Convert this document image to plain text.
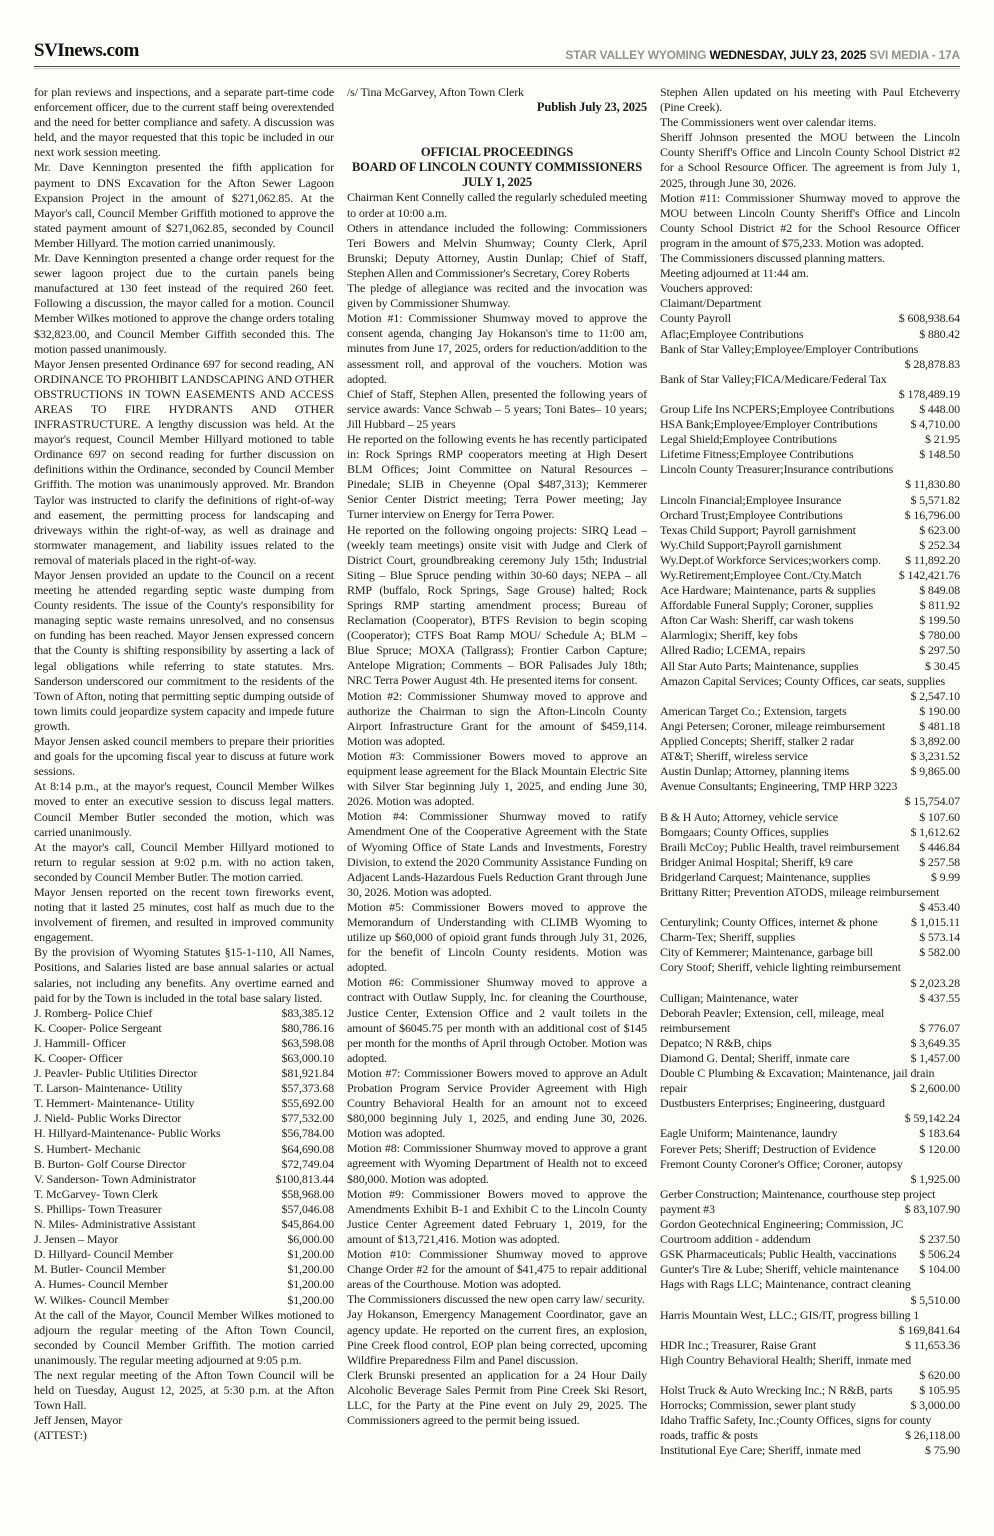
SVInews.com	STAR VALLEY WYOMING WEDNESDAY, JULY 23, 2025 SVI MEDIA - 17A
for plan reviews and inspections, and a separate part-time code enforcement officer, due to the current staff being overextended and the need for better compliance and safety. A discussion was held, and the mayor requested that this topic be included in our next work session meeting.
Mr. Dave Kennington presented the fifth application for payment to DNS Excavation for the Afton Sewer Lagoon Expansion Project in the amount of $271,062.85. At the Mayor's call, Council Member Griffith motioned to approve the stated payment amount of $271,062.85, seconded by Council Member Hillyard. The motion carried unanimously.
Mr. Dave Kennington presented a change order request for the sewer lagoon project due to the curtain panels being manufactured at 130 feet instead of the required 260 feet. Following a discussion, the mayor called for a motion. Council Member Wilkes motioned to approve the change orders totaling $32,823.00, and Council Member Giffith seconded this. The motion passed unanimously.
Mayor Jensen presented Ordinance 697 for second reading, AN ORDINANCE TO PROHIBIT LANDSCAPING AND OTHER OBSTRUCTIONS IN TOWN EASEMENTS AND ACCESS AREAS TO FIRE HYDRANTS AND OTHER INFRASTRUCTURE. A lengthy discussion was held. At the mayor's request, Council Member Hillyard motioned to table Ordinance 697 on second reading for further discussion on definitions within the Ordinance, seconded by Council Member Griffith. The motion was unanimously approved. Mr. Brandon Taylor was instructed to clarify the definitions of right-of-way and easement, the permitting process for landscaping and driveways within the right-of-way, as well as drainage and stormwater management, and liability issues related to the removal of materials placed in the right-of-way.
Mayor Jensen provided an update to the Council on a recent meeting he attended regarding septic waste dumping from County residents. The issue of the County's responsibility for managing septic waste remains unresolved, and no consensus on funding has been reached. Mayor Jensen expressed concern that the County is shifting responsibility by asserting a lack of legal obligations while referring to state statutes. Mrs. Sanderson underscored our commitment to the residents of the Town of Afton, noting that permitting septic dumping outside of town limits could jeopardize system capacity and impede future growth.
Mayor Jensen asked council members to prepare their priorities and goals for the upcoming fiscal year to discuss at future work sessions.
At 8:14 p.m., at the mayor's request, Council Member Wilkes moved to enter an executive session to discuss legal matters. Council Member Butler seconded the motion, which was carried unanimously.
At the mayor's call, Council Member Hillyard motioned to return to regular session at 9:02 p.m. with no action taken, seconded by Council Member Butler. The motion carried.
Mayor Jensen reported on the recent town fireworks event, noting that it lasted 25 minutes, cost half as much due to the involvement of firemen, and resulted in improved community engagement.
By the provision of Wyoming Statutes §15-1-110, All Names, Positions, and Salaries listed are base annual salaries or actual salaries, not including any benefits. Any overtime earned and paid for by the Town is included in the total base salary listed.
J. Romberg- Police Chief	$83,385.12
K. Cooper- Police Sergeant	$80,786.16
J. Hammill- Officer	$63,598.08
K. Cooper- Officer	$63,000.10
J. Peavler- Public Utilities Director	$81,921.84
T. Larson- Maintenance- Utility	$57,373.68
T. Hemmert- Maintenance- Utility	$55,692.00
J. Nield- Public Works Director	$77,532.00
H. Hillyard-Maintenance- Public Works	$56,784.00
S. Humbert- Mechanic	$64,690.08
B. Burton- Golf Course Director	$72,749.04
V. Sanderson- Town Administrator	$100,813.44
T. McGarvey- Town Clerk	$58,968.00
S. Phillips- Town Treasurer	$57,046.08
N. Miles- Administrative Assistant	$45,864.00
J. Jensen – Mayor	$6,000.00
D. Hillyard- Council Member	$1,200.00
M. Butler- Council Member	$1,200.00
A. Humes- Council Member	$1,200.00
W. Wilkes- Council Member	$1,200.00
At the call of the Mayor, Council Member Wilkes motioned to adjourn the regular meeting of the Afton Town Council, seconded by Council Member Griffith. The motion carried unanimously. The regular meeting adjourned at 9:05 p.m.
The next regular meeting of the Afton Town Council will be held on Tuesday, August 12, 2025, at 5:30 p.m. at the Afton Town Hall.
Jeff Jensen, Mayor
(ATTEST:)
/s/ Tina McGarvey, Afton Town Clerk
Publish July 23, 2025
OFFICIAL PROCEEDINGS
BOARD OF LINCOLN COUNTY COMMISSIONERS
JULY 1, 2025
Chairman Kent Connelly called the regularly scheduled meeting to order at 10:00 a.m.
Others in attendance included the following: Commissioners Teri Bowers and Melvin Shumway; County Clerk, April Brunski; Deputy Attorney, Austin Dunlap; Chief of Staff, Stephen Allen and Commissioner's Secretary, Corey Roberts
The pledge of allegiance was recited and the invocation was given by Commissioner Shumway.
Motion #1: Commissioner Shumway moved to approve the consent agenda, changing Jay Hokanson's time to 11:00 am, minutes from June 17, 2025, orders for reduction/addition to the assessment roll, and approval of the vouchers. Motion was adopted.
Chief of Staff, Stephen Allen, presented the following years of service awards: Vance Schwab – 5 years; Toni Bates– 10 years; Jill Hubbard – 25 years
He reported on the following events he has recently participated in: Rock Springs RMP cooperators meeting at High Desert BLM Offices; Joint Committee on Natural Resources – Pinedale; SLIB in Cheyenne (Opal $487,313); Kemmerer Senior Center District meeting; Terra Power meeting; Jay Turner interview on Energy for Terra Power.
He reported on the following ongoing projects: SIRQ Lead – (weekly team meetings) onsite visit with Judge and Clerk of District Court, groundbreaking ceremony July 15th; Industrial Siting – Blue Spruce pending within 30-60 days; NEPA – all RMP (buffalo, Rock Springs, Sage Grouse) halted; Rock Springs RMP starting amendment process; Bureau of Reclamation (Cooperator), BTFS Revision to begin scoping (Cooperator); CTFS Boat Ramp MOU/ Schedule A; BLM – Blue Spruce; MOXA (Tallgrass); Frontier Carbon Capture; Antelope Migration; Comments – BOR Palisades July 18th; NRC Terra Power August 4th. He presented items for consent.
Motion #2: Commissioner Shumway moved to approve and authorize the Chairman to sign the Afton-Lincoln County Airport Infrastructure Grant for the amount of $459,114. Motion was adopted.
Motion #3: Commissioner Bowers moved to approve an equipment lease agreement for the Black Mountain Electric Site with Silver Star beginning July 1, 2025, and ending June 30, 2026. Motion was adopted.
Motion #4: Commissioner Shumway moved to ratify Amendment One of the Cooperative Agreement with the State of Wyoming Office of State Lands and Investments, Forestry Division, to extend the 2020 Community Assistance Funding on Adjacent Lands-Hazardous Fuels Reduction Grant through June 30, 2026. Motion was adopted.
Motion #5: Commissioner Bowers moved to approve the Memorandum of Understanding with CLIMB Wyoming to utilize up $60,000 of opioid grant funds through July 31, 2026, for the benefit of Lincoln County residents. Motion was adopted.
Motion #6: Commissioner Shumway moved to approve a contract with Outlaw Supply, Inc. for cleaning the Courthouse, Justice Center, Extension Office and 2 vault toilets in the amount of $6045.75 per month with an additional cost of $145 per month for the months of April through October. Motion was adopted.
Motion #7: Commissioner Bowers moved to approve an Adult Probation Program Service Provider Agreement with High Country Behavioral Health for an amount not to exceed $80,000 beginning July 1, 2025, and ending June 30, 2026. Motion was adopted.
Motion #8: Commissioner Shumway moved to approve a grant agreement with Wyoming Department of Health not to exceed $80,000. Motion was adopted.
Motion #9: Commissioner Bowers moved to approve the Amendments Exhibit B-1 and Exhibit C to the Lincoln County Justice Center Agreement dated February 1, 2019, for the amount of $13,721,416. Motion was adopted.
Motion #10: Commissioner Shumway moved to approve Change Order #2 for the amount of $41,475 to repair additional areas of the Courthouse. Motion was adopted.
The Commissioners discussed the new open carry law/ security.
Jay Hokanson, Emergency Management Coordinator, gave an agency update. He reported on the current fires, an explosion, Pine Creek flood control, EOP plan being corrected, upcoming Wildfire Preparedness Film and Panel discussion.
Clerk Brunski presented an application for a 24 Hour Daily Alcoholic Beverage Sales Permit from Pine Creek Ski Resort, LLC, for the Party at the Pine event on July 29, 2025. The Commissioners agreed to the permit being issued.
Stephen Allen updated on his meeting with Paul Etcheverry (Pine Creek).
The Commissioners went over calendar items.
Sheriff Johnson presented the MOU between the Lincoln County Sheriff's Office and Lincoln County School District #2 for a School Resource Officer. The agreement is from July 1, 2025, through June 30, 2026.
Motion #11: Commissioner Shumway moved to approve the MOU between Lincoln County Sheriff's Office and Lincoln County School District #2 for the School Resource Officer program in the amount of $75,233. Motion was adopted.
The Commissioners discussed planning matters.
Meeting adjourned at 11:44 am.
Vouchers approved:
Claimant/Department
County Payroll	$ 608,938.64
Aflac;Employee Contributions	$ 880.42
Bank of Star Valley;Employee/Employer Contributions
$ 28,878.83
Bank of Star Valley;FICA/Medicare/Federal Tax
$ 178,489.19
Group Life Ins NCPERS;Employee Contributions	$ 448.00
HSA Bank;Employee/Employer Contributions	$ 4,710.00
Legal Shield;Employee Contributions	$ 21.95
Lifetime Fitness;Employee Contributions	$ 148.50
Lincoln County Treasurer;Insurance contributions
$ 11,830.80
Lincoln Financial;Employee Insurance	$ 5,571.82
Orchard Trust;Employee Contributions	$ 16,796.00
Texas Child Support; Payroll garnishment	$ 623.00
Wy.Child Support;Payroll garnishment	$ 252.34
Wy.Dept.of Workforce Services;workers comp.	$ 11,892.20
Wy.Retirement;Employee Cont./Cty.Match	$ 142,421.76
Ace Hardware; Maintenance, parts & supplies	$ 849.08
Affordable Funeral Supply; Coroner, supplies	$ 811.92
Afton Car Wash: Sheriff, car wash tokens	$ 199.50
Alarmlogix; Sheriff, key fobs	$ 780.00
Allred Radio; LCEMA, repairs	$ 297.50
All Star Auto Parts; Maintenance, supplies	$ 30.45
Amazon Capital Services; County Offices, car seats, supplies
$ 2,547.10
American Target Co.; Extension, targets	$ 190.00
Angi Petersen; Coroner, mileage reimbursement	$ 481.18
Applied Concepts; Sheriff, stalker 2 radar	$ 3,892.00
AT&T; Sheriff, wireless service	$ 3,231.52
Austin Dunlap; Attorney, planning items	$ 9,865.00
Avenue Consultants; Engineering, TMP HRP 3223
$ 15,754.07
B & H Auto; Attorney, vehicle service	$ 107.60
Bomgaars; County Offices, supplies	$ 1,612.62
Braili McCoy; Public Health, travel reimbursement	$ 446.84
Bridger Animal Hospital; Sheriff, k9 care	$ 257.58
Bridgerland Carquest; Maintenance, supplies	$ 9.99
Brittany Ritter; Prevention ATODS, mileage reimbursement
$ 453.40
Centurylink; County Offices, internet & phone	$ 1,015.11
Charm-Tex; Sheriff, supplies	$ 573.14
City of Kemmerer; Maintenance, garbage bill	$ 582.00
Cory Stoof; Sheriff, vehicle lighting reimbursement
$ 2,023.28
Culligan; Maintenance, water	$ 437.55
Deborah Peavler; Extension, cell, mileage, meal
reimbursement	$ 776.07
Depatco; N R&B, chips	$ 3,649.35
Diamond G. Dental; Sheriff, inmate care	$ 1,457.00
Double C Plumbing & Excavation; Maintenance, jail drain
repair	$ 2,600.00
Dustbusters Enterprises; Engineering, dustguard
$ 59,142.24
Eagle Uniform; Maintenance, laundry	$ 183.64
Forever Pets; Sheriff; Destruction of Evidence	$ 120.00
Fremont County Coroner's Office; Coroner, autopsy
$ 1,925.00
Gerber Construction; Maintenance, courthouse step project
payment #3	$ 83,107.90
Gordon Geotechnical Engineering; Commission, JC
Courtroom addition - addendum	$ 237.50
GSK Pharmaceuticals; Public Health, vaccinations	$ 506.24
Gunter's Tire & Lube; Sheriff, vehicle maintenance	$ 104.00
Hags with Rags LLC; Maintenance, contract cleaning
$ 5,510.00
Harris Mountain West, LLC.; GIS/IT, progress billing 1
$ 169,841.64
HDR Inc.; Treasurer, Raise Grant	$ 11,653.36
High Country Behavioral Health; Sheriff, inmate med
$ 620.00
Holst Truck & Auto Wrecking Inc.; N R&B, parts	$ 105.95
Horrocks; Commission, sewer plant study	$ 3,000.00
Idaho Traffic Safety, Inc.;County Offices, signs for county
roads, traffic & posts	$ 26,118.00
Institutional Eye Care; Sheriff, inmate med	$ 75.90
